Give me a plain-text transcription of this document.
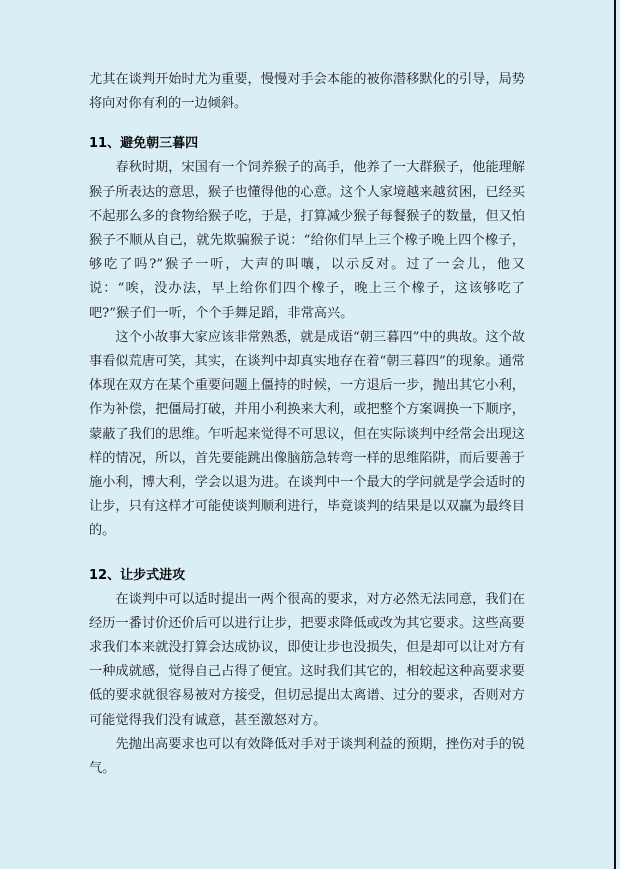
尤其在谈判开始时尤为重要，慢慢对手会本能的被你潜移默化的引导，局势将向对你有利的一边倾斜。

11、避免朝三暮四

春秋时期，宋国有一个饲养猴子的高手，他养了一大群猴子，他能理解猴子所表达的意思，猴子也懂得他的心意。这个人家境越来越贫困，已经买不起那么多的食物给猴子吃，于是，打算减少猴子每餐猴子的数量，但又怕猴子不顺从自己，就先欺骗猴子说：“给你们早上三个橡子晚上四个橡子，够吃了吗?”猴子一听，大声的叫嚷，以示反对。过了一会儿，他又说：“唉，没办法，早上给你们四个橡子，晚上三个橡子，这该够吃了吧?”猴子们一听，个个手舞足蹈，非常高兴。

这个小故事大家应该非常熟悉，就是成语“朝三暮四”中的典故。这个故事看似荒唐可笑，其实，在谈判中却真实地存在着“朝三暮四”的现象。通常体现在双方在某个重要问题上僵持的时候，一方退后一步，抛出其它小利，作为补偿，把僵局打破，并用小利换来大利，或把整个方案调换一下顺序，蒙蔽了我们的思维。乍听起来觉得不可思议，但在实际谈判中经常会出现这样的情况，所以，首先要能跳出像脑筋急转弯一样的思维陷阱，而后要善于施小利，博大利，学会以退为进。在谈判中一个最大的学问就是学会适时的让步，只有这样才可能使谈判顺利进行，毕竟谈判的结果是以双赢为最终目的。

12、让步式进攻

在谈判中可以适时提出一两个很高的要求，对方必然无法同意，我们在经历一番讨价还价后可以进行让步，把要求降低或改为其它要求。这些高要求我们本来就没打算会达成协议，即使让步也没损失，但是却可以让对方有一种成就感，觉得自己占得了便宜。这时我们其它的，相较起这种高要求要低的要求就很容易被对方接受，但切忌提出太离谱、过分的要求，否则对方可能觉得我们没有诚意，甚至激怒对方。

先抛出高要求也可以有效降低对手对于谈判利益的预期，挫伤对手的锐气。
